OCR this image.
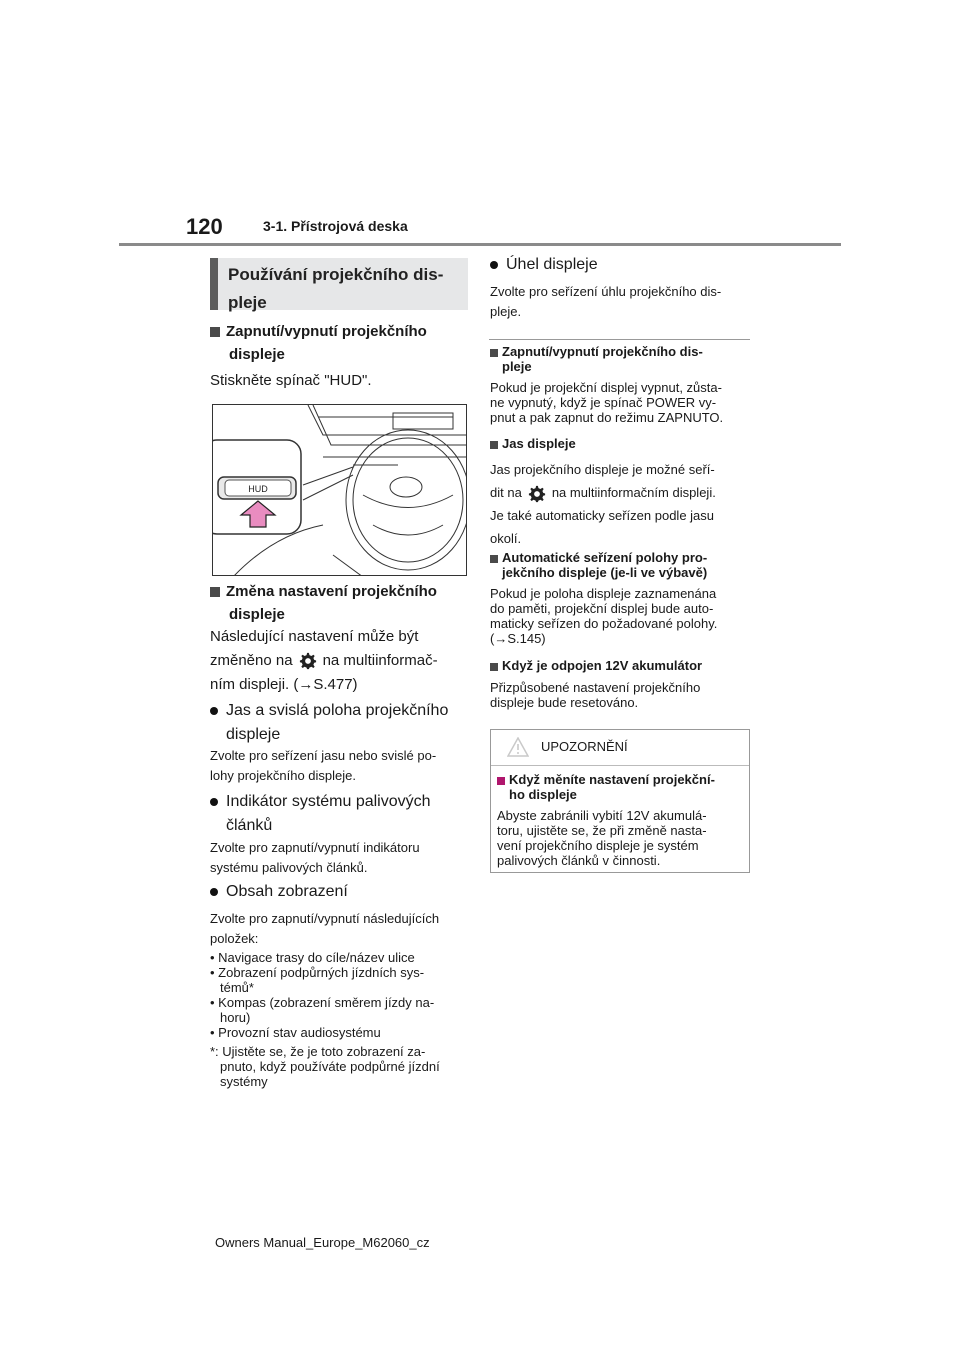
120	3-1. Přístrojová deska
Používání projekčního dis-
pleje
Zapnutí/vypnutí projekčního
displeje
Stiskněte spínač "HUD".
HUD
Změna nastavení projekčního
displeje
Následující nastavení může být
změněno na na multiinformač-
ním displeji. (→S.477)
Jas a svislá poloha projekčního
displeje
Zvolte pro seřízení jasu nebo svislé po-
lohy projekčního displeje.
Indikátor systému palivových
článků
Zvolte pro zapnutí/vypnutí indikátoru
systému palivových článků.
Obsah zobrazení
Zvolte pro zapnutí/vypnutí následujících
položek:
• Navigace trasy do cíle/název ulice
• Zobrazení podpůrných jízdních sys-
témů*
• Kompas (zobrazení směrem jízdy na-
horu)
• Provozní stav audiosystému
*: Ujistěte se, že je toto zobrazení za-
pnuto, když používáte podpůrné jízdní
systémy
Úhel displeje
Zvolte pro seřízení úhlu projekčního dis-
pleje.
Zapnutí/vypnutí projekčního dis-
pleje
Pokud je projekční displej vypnut, zůsta-
ne vypnutý, když je spínač POWER vy-
pnut a pak zapnut do režimu ZAPNUTO.
Jas displeje
Jas projekčního displeje je možné seří-
dit na na multiinformačním displeji.
Je také automaticky seřízen podle jasu
okolí.
Automatické seřízení polohy pro-
jekčního displeje (je-li ve výbavě)
Pokud je poloha displeje zaznamenána
do paměti, projekční displej bude auto-
maticky seřízen do požadované polohy.
(→S.145)
Když je odpojen 12V akumulátor
Přizpůsobené nastavení projekčního
displeje bude resetováno.
UPOZORNĚNÍ
Když měníte nastavení projekční-
ho displeje
Abyste zabránili vybití 12V akumulá-
toru, ujistěte se, že při změně nasta-
vení projekčního displeje je systém
palivových článků v činnosti.
Owners Manual_Europe_M62060_cz
